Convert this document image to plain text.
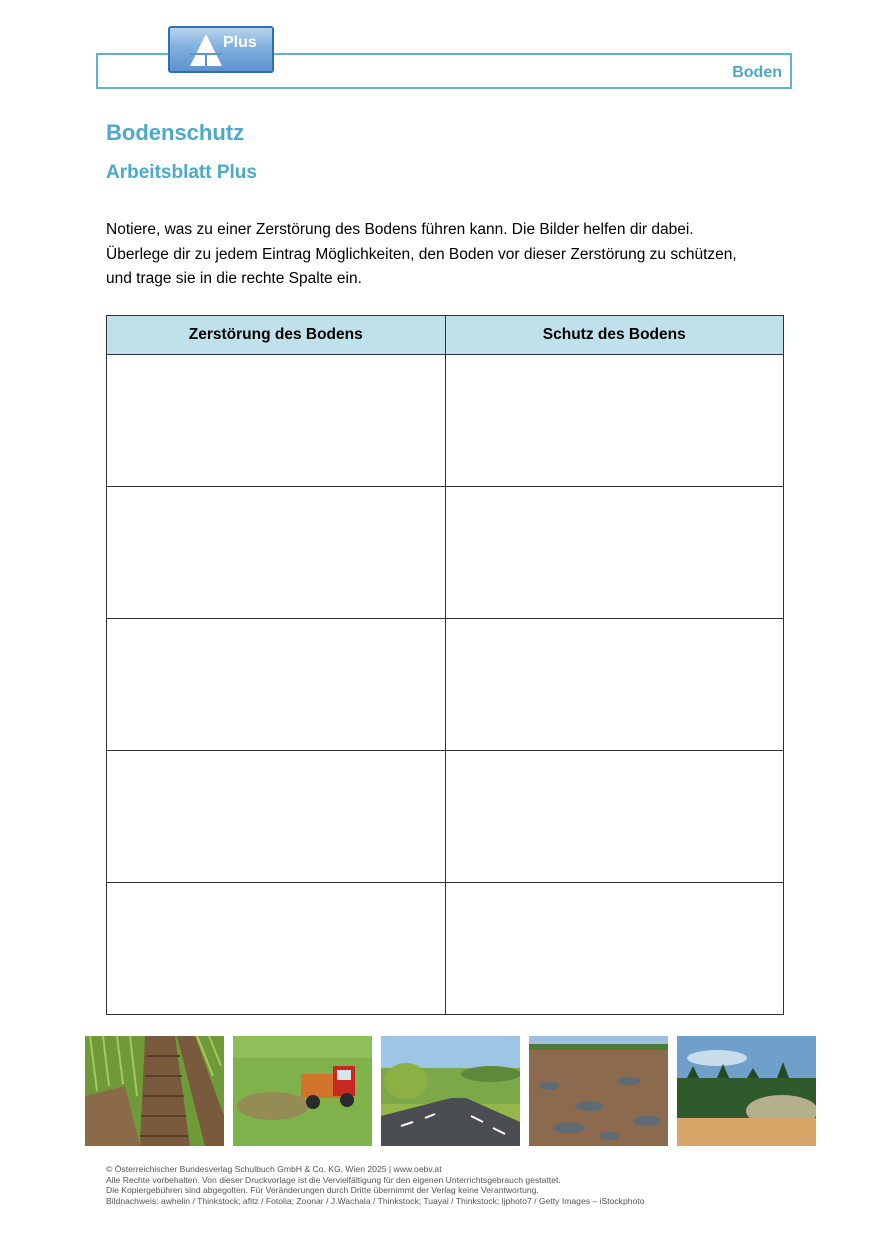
Boden
Plus
Bodenschutz
Arbeitsblatt Plus

Notiere, was zu einer Zerstörung des Bodens führen kann. Die Bilder helfen dir dabei.

Überlege dir zu jedem Eintrag Möglichkeiten, den Boden vor dieser Zerstörung zu schützen,

und trage sie in die rechte Spalte ein.

Zerstörung des Bodens	Schutz des Bodens

© Österreichischer Bundesverlag Schulbuch GmbH & Co. KG, Wien 2025 | www.oebv.at
Alle Rechte vorbehalten. Von dieser Druckvorlage ist die Vervielfältigung für den eigenen Unterrichtsgebrauch gestattet.
Die Kopiergebühren sind abgegolten. Für Veränderungen durch Dritte übernimmt der Verlag keine Verantwortung.
Bildnachweis: awhelin / Thinkstock; afitz / Fotolia; Zoonar / J.Wachala / Thinkstock; Tuayai / Thinkstock; ljphoto7 / Getty Images – iStockphoto
